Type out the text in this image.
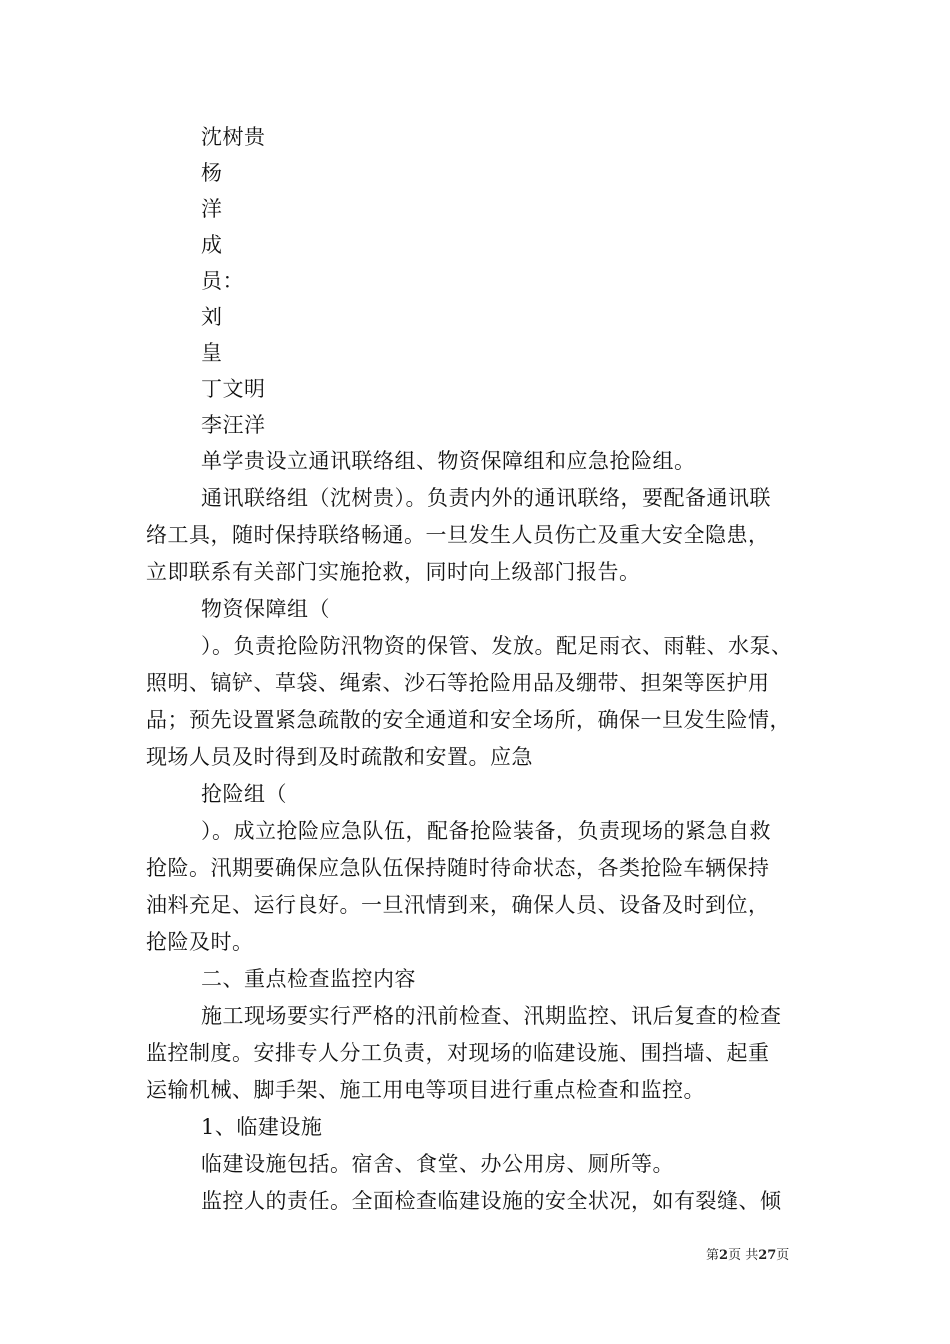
沈树贵
杨
洋
成
员：
刘
皇
丁文明
李汪洋
单学贵设立通讯联络组、物资保障组和应急抢险组。
通讯联络组（沈树贵）。负责内外的通讯联络，要配备通讯联
络工具，随时保持联络畅通。一旦发生人员伤亡及重大安全隐患，
立即联系有关部门实施抢救，同时向上级部门报告。
物资保障组（
）。负责抢险防汛物资的保管、发放。配足雨衣、雨鞋、水泵、
照明、镐铲、草袋、绳索、沙石等抢险用品及绷带、担架等医护用
品；预先设置紧急疏散的安全通道和安全场所，确保一旦发生险情，
现场人员及时得到及时疏散和安置。应急
抢险组（
）。成立抢险应急队伍，配备抢险装备，负责现场的紧急自救
抢险。汛期要确保应急队伍保持随时待命状态，各类抢险车辆保持
油料充足、运行良好。一旦汛情到来，确保人员、设备及时到位，
抢险及时。
二、重点检查监控内容
施工现场要实行严格的汛前检查、汛期监控、讯后复查的检查
监控制度。安排专人分工负责，对现场的临建设施、围挡墙、起重
运输机械、脚手架、施工用电等项目进行重点检查和监控。
1、临建设施
临建设施包括。宿舍、食堂、办公用房、厕所等。
监控人的责任。全面检查临建设施的安全状况，如有裂缝、倾
第2页 共27页
